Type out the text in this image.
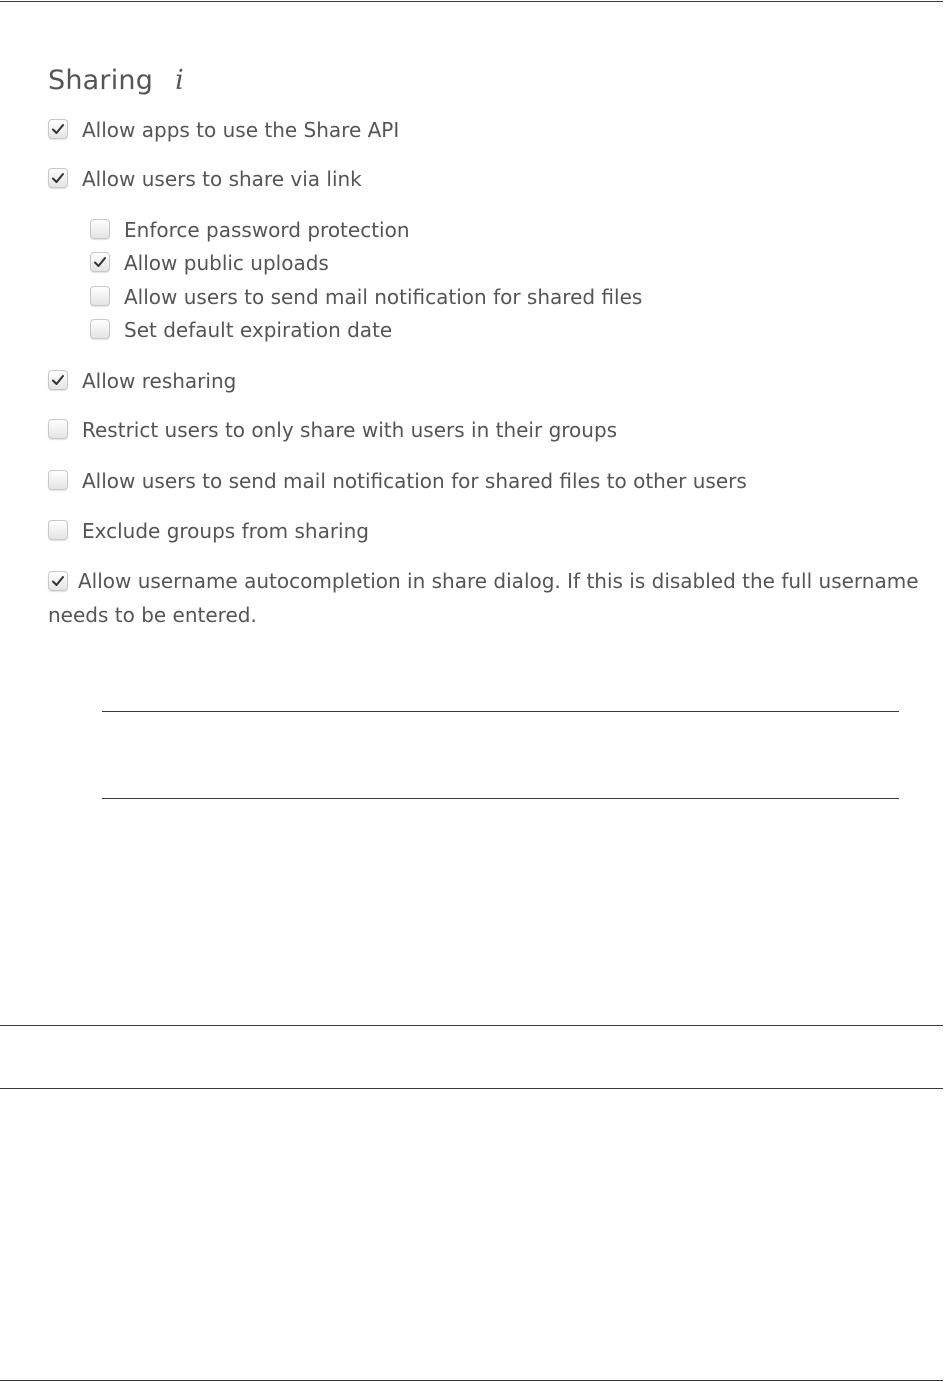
Sharing i
Allow apps to use the Share API
Allow users to share via link
Enforce password protection
Allow public uploads
Allow users to send mail notification for shared files
Set default expiration date
Allow resharing
Restrict users to only share with users in their groups
Allow users to send mail notification for shared files to other users
Exclude groups from sharing
Allow username autocompletion in share dialog. If this is disabled the full username needs to be entered.
